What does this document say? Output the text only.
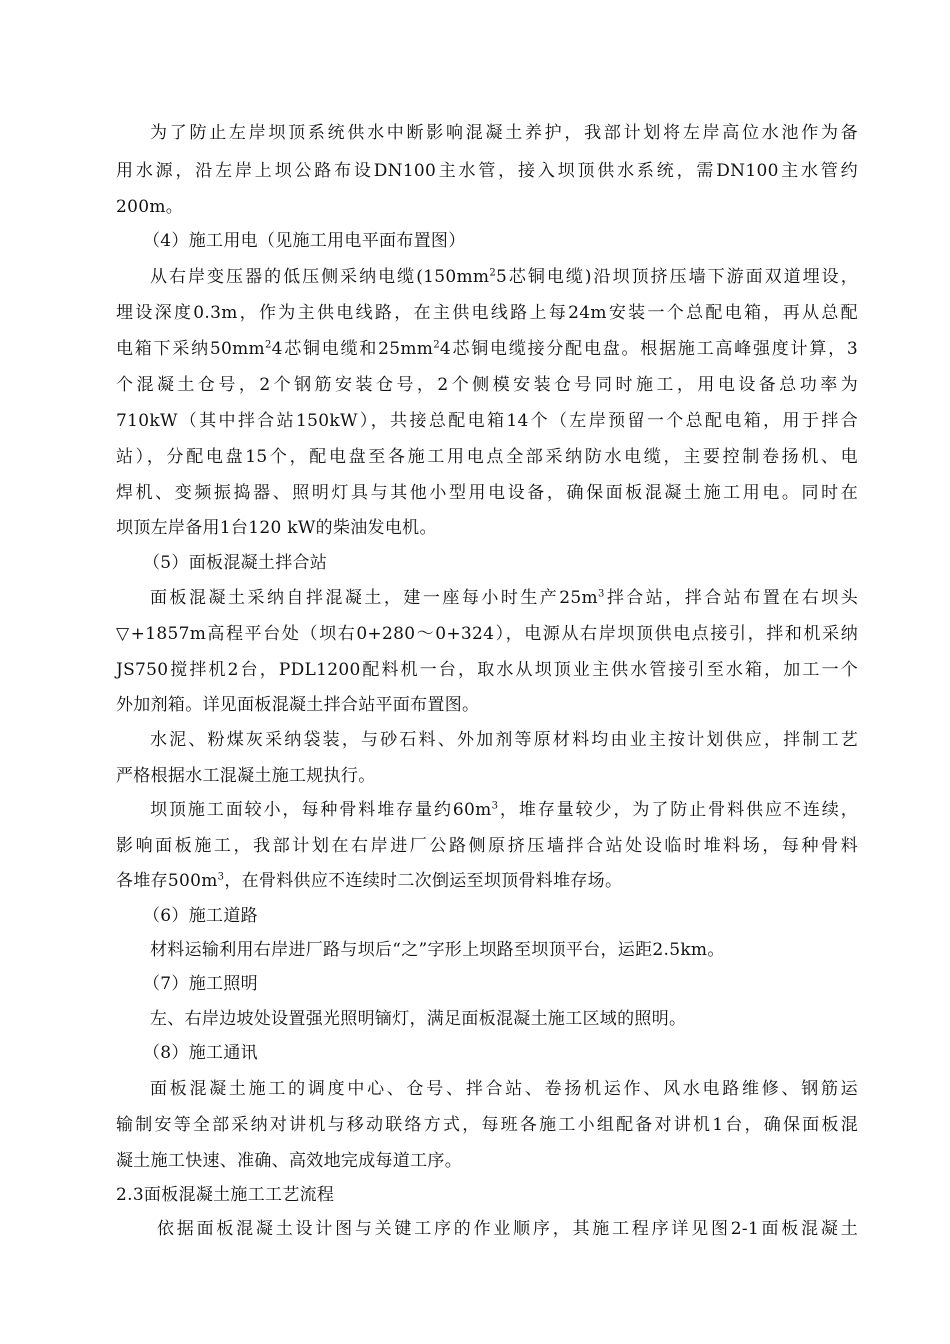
为了防止左岸坝顶系统供水中断影响混凝土养护，我部计划将左岸高位水池作为备
用水源，沿左岸上坝公路布设DN100主水管，接入坝顶供水系统，需DN100主水管约
200m。
（4）施工用电（见施工用电平面布置图）
从右岸变压器的低压侧采纳电缆($150mm^25$芯铜电缆)沿坝顶挤压墙下游面双道埋设，
埋设深度0.3m，作为主供电线路，在主供电线路上每24m安装一个总配电箱，再从总配
电箱下采纳$50mm^24$芯铜电缆和$25mm^24$芯铜电缆接分配电盘。根据施工高峰强度计算，3
个混凝土仓号，2个钢筋安装仓号，2个侧模安装仓号同时施工，用电设备总功率为
710kW（其中拌合站150kW），共接总配电箱14个（左岸预留一个总配电箱，用于拌合
站），分配电盘15个，配电盘至各施工用电点全部采纳防水电缆，主要控制卷扬机、电
焊机、变频振捣器、照明灯具与其他小型用电设备，确保面板混凝土施工用电。同时在
坝顶左岸备用1台120 kW的柴油发电机。
（5）面板混凝土拌合站
面板混凝土采纳自拌混凝土，建一座每小时生产$25m^3$拌合站，拌合站布置在右坝头
▽+1857m高程平台处（坝右0+280～0+324），电源从右岸坝顶供电点接引，拌和机采纳
JS750搅拌机2台，PDL1200配料机一台，取水从坝顶业主供水管接引至水箱，加工一个
外加剂箱。详见面板混凝土拌合站平面布置图。
水泥、粉煤灰采纳袋装，与砂石料、外加剂等原材料均由业主按计划供应，拌制工艺
严格根据水工混凝土施工规执行。
坝顶施工面较小，每种骨料堆存量约$60m^3$，堆存量较少，为了防止骨料供应不连续，
影响面板施工，我部计划在右岸进厂公路侧原挤压墙拌合站处设临时堆料场，每种骨料
各堆存$500m^3$，在骨料供应不连续时二次倒运至坝顶骨料堆存场。
（6）施工道路
材料运输利用右岸进厂路与坝后“之”字形上坝路至坝顶平台，运距2.5km。
（7）施工照明
左、右岸边坡处设置强光照明镝灯，满足面板混凝土施工区域的照明。
（8）施工通讯
面板混凝土施工的调度中心、仓号、拌合站、卷扬机运作、风水电路维修、钢筋运
输制安等全部采纳对讲机与移动联络方式，每班各施工小组配备对讲机1台，确保面板混
凝土施工快速、准确、高效地完成每道工序。
2.3面板混凝土施工工艺流程
依据面板混凝土设计图与关键工序的作业顺序，其施工程序详见图2-1面板混凝土
